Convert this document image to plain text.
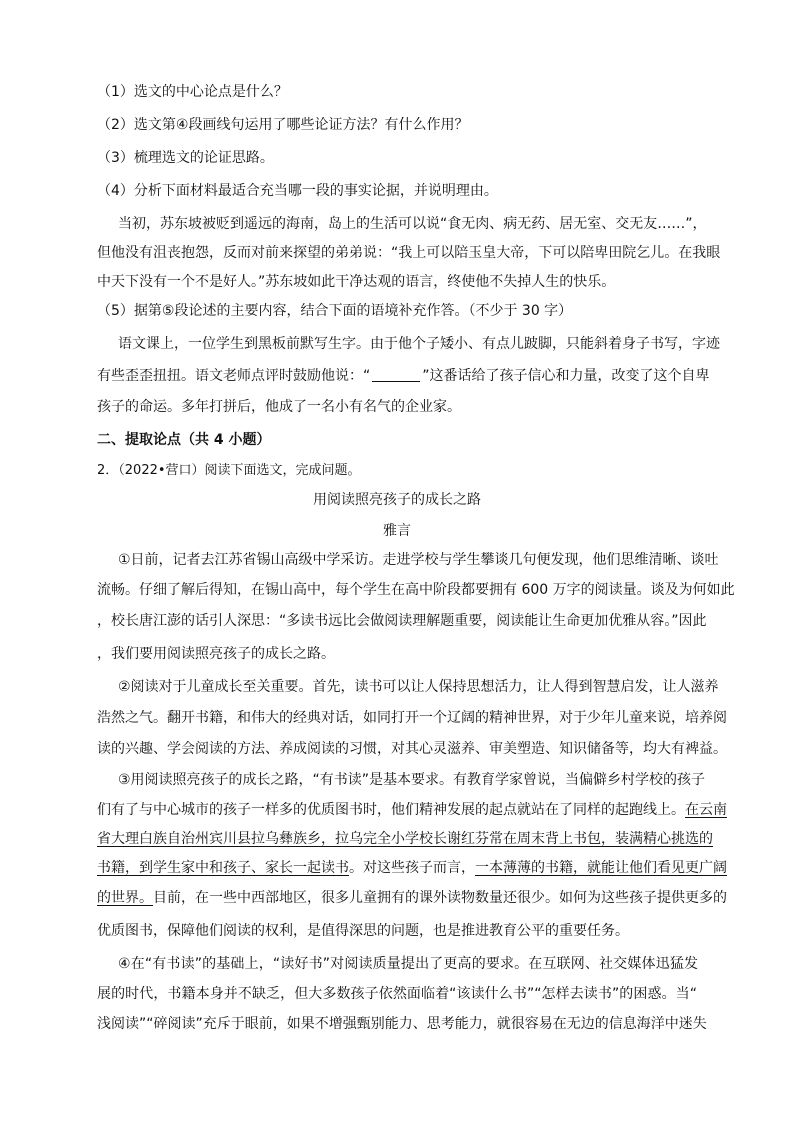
（1）选文的中心论点是什么？
（2）选文第④段画线句运用了哪些论证方法？有什么作用？
（3）梳理选文的论证思路。
（4）分析下面材料最适合充当哪一段的事实论据，并说明理由。
当初，苏东坡被贬到遥远的海南，岛上的生活可以说“食无肉、病无药、居无室、交无友……”，
但他没有沮丧抱怨，反而对前来探望的弟弟说：“我上可以陪玉皇大帝，下可以陪卑田院乞儿。在我眼
中天下没有一个不是好人。”苏东坡如此干净达观的语言，终使他不失掉人生的快乐。
（5）据第⑤段论述的主要内容，结合下面的语境补充作答。（不少于 30 字）
语文课上，一位学生到黑板前默写生字。由于他个子矮小、有点儿跛脚，只能斜着身子书写，字迹
有些歪歪扭扭。语文老师点评时鼓励他说：“	”这番话给了孩子信心和力量，改变了这个自卑
孩子的命运。多年打拼后，他成了一名小有名气的企业家。
二、提取论点（共 4 小题）
2．（2022•营口）阅读下面选文，完成问题。
用阅读照亮孩子的成长之路
雅言
①日前，记者去江苏省锡山高级中学采访。走进学校与学生攀谈几句便发现，他们思维清晰、谈吐
流畅。仔细了解后得知，在锡山高中，每个学生在高中阶段都要拥有 600 万字的阅读量。谈及为何如此
，校长唐江澎的话引人深思：“多读书远比会做阅读理解题重要，阅读能让生命更加优雅从容。”因此
，我们要用阅读照亮孩子的成长之路。
②阅读对于儿童成长至关重要。首先，读书可以让人保持思想活力，让人得到智慧启发，让人滋养
浩然之气。翻开书籍，和伟大的经典对话，如同打开一个辽阔的精神世界，对于少年儿童来说，培养阅
读的兴趣、学会阅读的方法、养成阅读的习惯，对其心灵滋养、审美塑造、知识储备等，均大有裨益。
③用阅读照亮孩子的成长之路，“有书读”是基本要求。有教育学家曾说，当偏僻乡村学校的孩子
们有了与中心城市的孩子一样多的优质图书时，他们精神发展的起点就站在了同样的起跑线上。在云南
省大理白族自治州宾川县拉乌彝族乡，拉乌完全小学校长谢红芬常在周末背上书包，装满精心挑选的
书籍，到学生家中和孩子、家长一起读书。对这些孩子而言，一本薄薄的书籍，就能让他们看见更广阔
的世界。目前，在一些中西部地区，很多儿童拥有的课外读物数量还很少。如何为这些孩子提供更多的
优质图书，保障他们阅读的权利，是值得深思的问题，也是推进教育公平的重要任务。
④在“有书读”的基础上，“读好书”对阅读质量提出了更高的要求。在互联网、社交媒体迅猛发
展的时代，书籍本身并不缺乏，但大多数孩子依然面临着“该读什么书”“怎样去读书”的困惑。当“
浅阅读”“碎阅读”充斥于眼前，如果不增强甄别能力、思考能力，就很容易在无边的信息海洋中迷失
